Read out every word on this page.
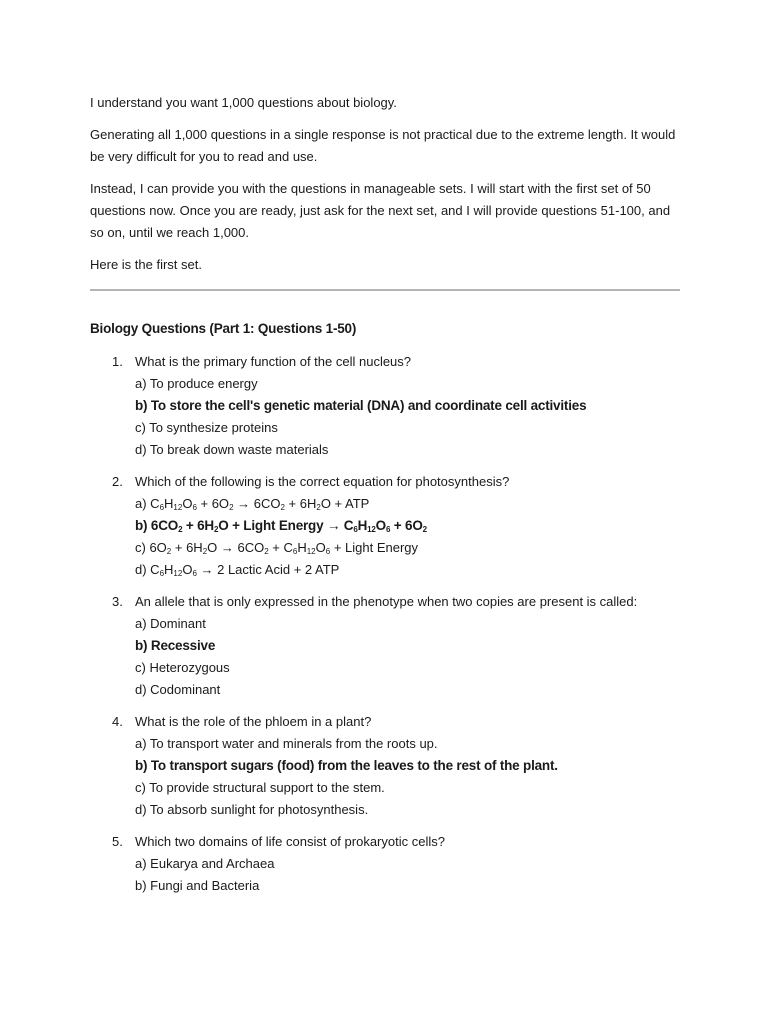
I understand you want 1,000 questions about biology.

Generating all 1,000 questions in a single response is not practical due to the extreme length. It would be very difficult for you to read and use.

Instead, I can provide you with the questions in manageable sets. I will start with the first set of 50 questions now. Once you are ready, just ask for the next set, and I will provide questions 51-100, and so on, until we reach 1,000.

Here is the first set.

Biology Questions (Part 1: Questions 1-50)
1. What is the primary function of the cell nucleus?
a) To produce energy
b) To store the cell's genetic material (DNA) and coordinate cell activities
c) To synthesize proteins
d) To break down waste materials
2. Which of the following is the correct equation for photosynthesis?
a) $C_6H_{12}O_6 + 6O_2 \to 6CO_2 + 6H_2O$ + ATP
b) $6CO_2 + 6H_2O$ + Light Energy → $C_6H_{12}O_6 + 6O_2$
c) $6O_2 + 6H_2O \to 6CO_2 + C_6H_{12}O_6$ + Light Energy
d) $C_6H_{12}O_6 \to 2$ Lactic Acid + 2 ATP
3. An allele that is only expressed in the phenotype when two copies are present is called:
a) Dominant
b) Recessive
c) Heterozygous
d) Codominant
4. What is the role of the phloem in a plant?
a) To transport water and minerals from the roots up.
b) To transport sugars (food) from the leaves to the rest of the plant.
c) To provide structural support to the stem.
d) To absorb sunlight for photosynthesis.
5. Which two domains of life consist of prokaryotic cells?
a) Eukarya and Archaea
b) Fungi and Bacteria
